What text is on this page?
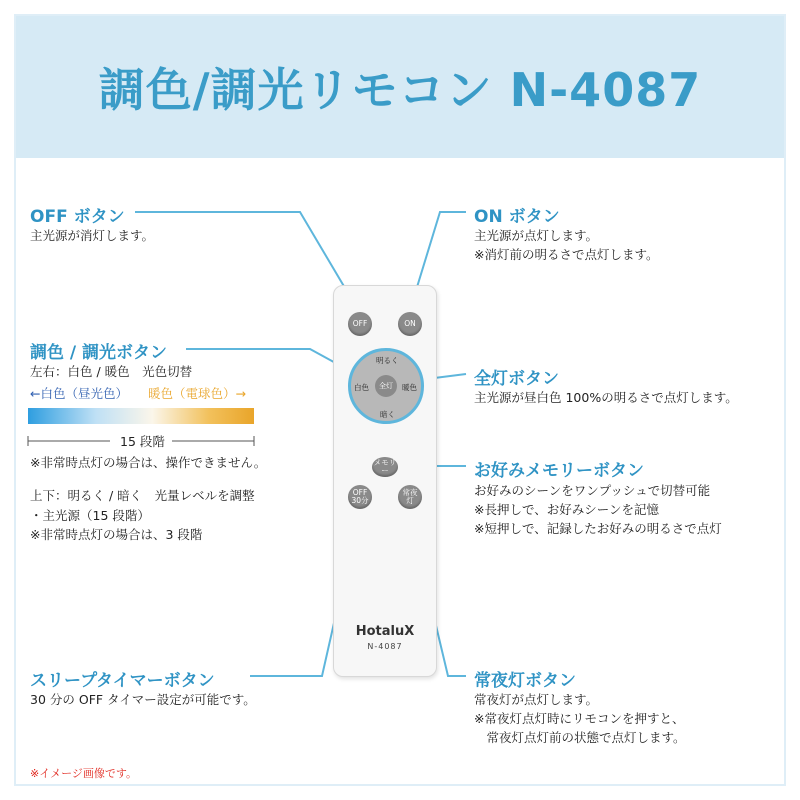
調色/調光リモコン N-4087
OFF ボタン
主光源が消灯します。
ON ボタン
主光源が点灯します。
※消灯前の明るさで点灯します。
調色 / 調光ボタン
左右：白色 / 暖色　光色切替
←白色（昼光色） 暖色（電球色）→
15 段階
※非常時点灯の場合は、操作できません。
上下：明るく / 暗く　光量レベルを調整
・主光源（15 段階）
※非常時点灯の場合は、3 段階
全灯ボタン
主光源が昼白色 100%の明るさで点灯します。
お好みメモリーボタン
お好みのシーンをワンプッシュで切替可能
※長押しで、お好みシーンを記憶
※短押しで、記録したお好みの明るさで点灯
スリープタイマーボタン
30 分の OFF タイマー設定が可能です。
常夜灯ボタン
常夜灯が点灯します。
※常夜灯点灯時にリモコンを押すと、
　常夜灯点灯前の状態で点灯します。
OFF	ON
明るく
暗く
白色	暖色
全灯
メモリー
OFF
30分
常夜
灯
HotaluX
N-4087
※イメージ画像です。
